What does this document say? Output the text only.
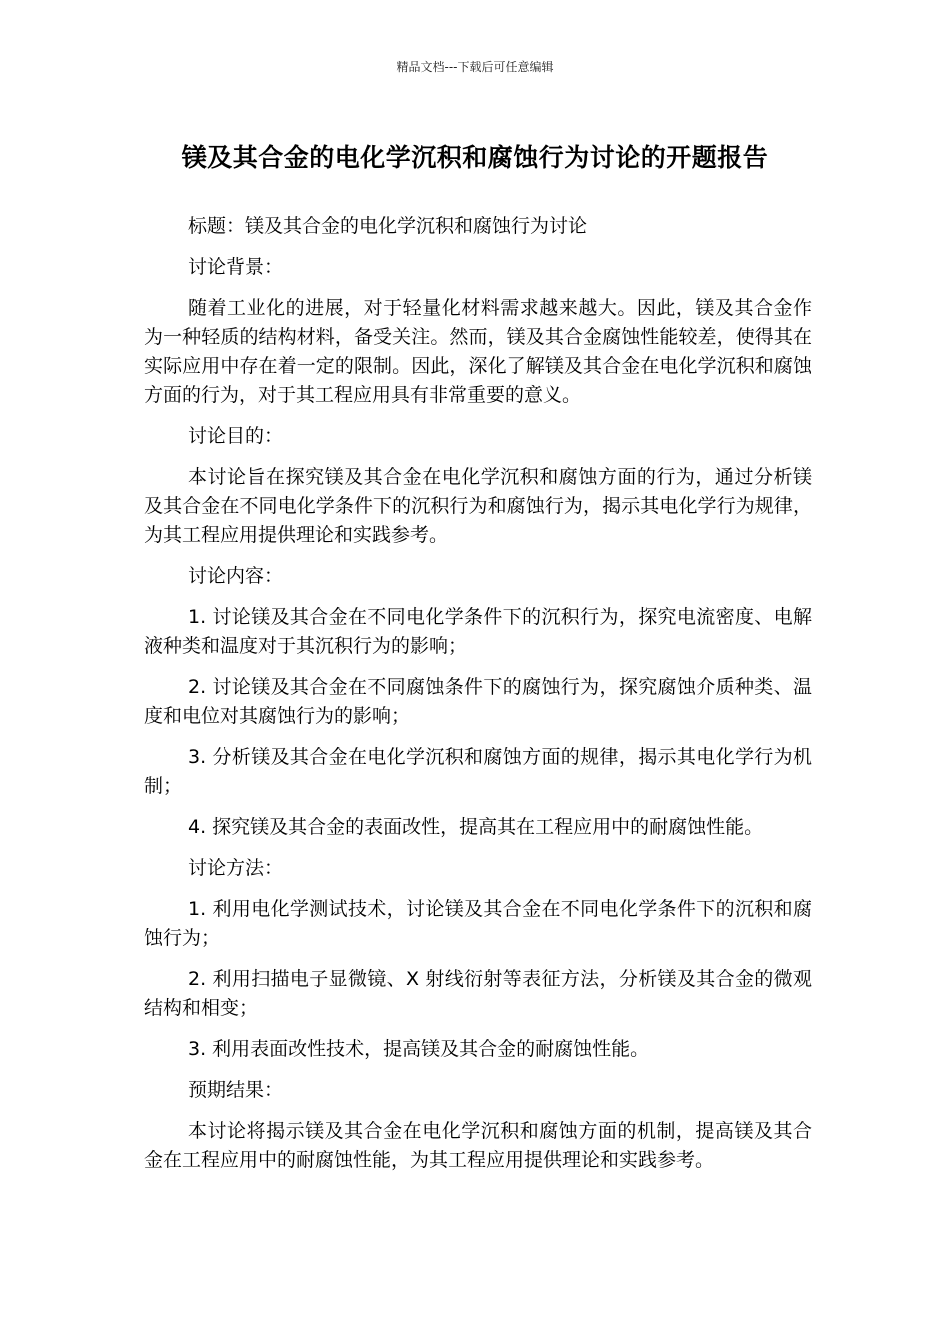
精品文档---下载后可任意编辑
镁及其合金的电化学沉积和腐蚀行为讨论的开题报告

标题：镁及其合金的电化学沉积和腐蚀行为讨论

讨论背景：

随着工业化的进展，对于轻量化材料需求越来越大。因此，镁及其合金作为一种轻质的结构材料，备受关注。然而，镁及其合金腐蚀性能较差，使得其在实际应用中存在着一定的限制。因此，深化了解镁及其合金在电化学沉积和腐蚀方面的行为，对于其工程应用具有非常重要的意义。

讨论目的：

本讨论旨在探究镁及其合金在电化学沉积和腐蚀方面的行为，通过分析镁及其合金在不同电化学条件下的沉积行为和腐蚀行为，揭示其电化学行为规律，为其工程应用提供理论和实践参考。

讨论内容：

1. 讨论镁及其合金在不同电化学条件下的沉积行为，探究电流密度、电解液种类和温度对于其沉积行为的影响；

2. 讨论镁及其合金在不同腐蚀条件下的腐蚀行为，探究腐蚀介质种类、温度和电位对其腐蚀行为的影响；

3. 分析镁及其合金在电化学沉积和腐蚀方面的规律，揭示其电化学行为机制；

4. 探究镁及其合金的表面改性，提高其在工程应用中的耐腐蚀性能。

讨论方法：

1. 利用电化学测试技术，讨论镁及其合金在不同电化学条件下的沉积和腐蚀行为；

2. 利用扫描电子显微镜、X 射线衍射等表征方法，分析镁及其合金的微观结构和相变；

3. 利用表面改性技术，提高镁及其合金的耐腐蚀性能。

预期结果：

本讨论将揭示镁及其合金在电化学沉积和腐蚀方面的机制，提高镁及其合金在工程应用中的耐腐蚀性能，为其工程应用提供理论和实践参考。
